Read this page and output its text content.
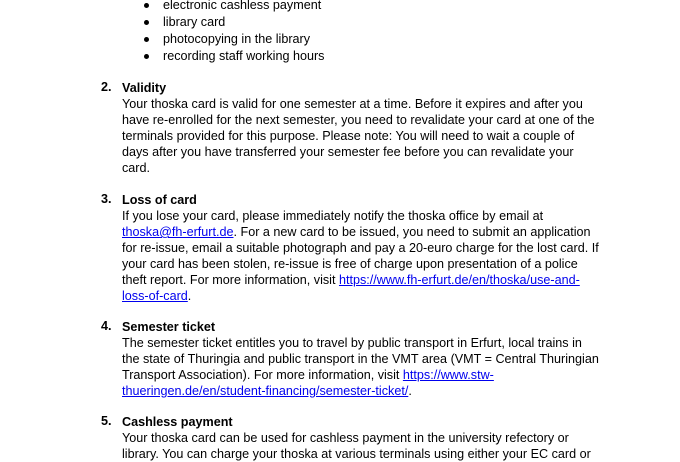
electronic cashless payment
library card
photocopying in the library
recording staff working hours
2. Validity
Your thoska card is valid for one semester at a time. Before it expires and after you
have re-enrolled for the next semester, you need to revalidate your card at one of the
terminals provided for this purpose. Please note: You will need to wait a couple of
days after you have transferred your semester fee before you can revalidate your
card.
3. Loss of card
If you lose your card, please immediately notify the thoska office by email at
thoska@fh-erfurt.de. For a new card to be issued, you need to submit an application
for re-issue, email a suitable photograph and pay a 20-euro charge for the lost card. If
your card has been stolen, re-issue is free of charge upon presentation of a police
theft report. For more information, visit https://www.fh-erfurt.de/en/thoska/use-and-
loss-of-card.
4. Semester ticket
The semester ticket entitles you to travel by public transport in Erfurt, local trains in
the state of Thuringia and public transport in the VMT area (VMT = Central Thuringian
Transport Association). For more information, visit https://www.stw-
thueringen.de/en/student-financing/semester-ticket/.
5. Cashless payment
Your thoska card can be used for cashless payment in the university refectory or
library. You can charge your thoska at various terminals using either your EC card or
